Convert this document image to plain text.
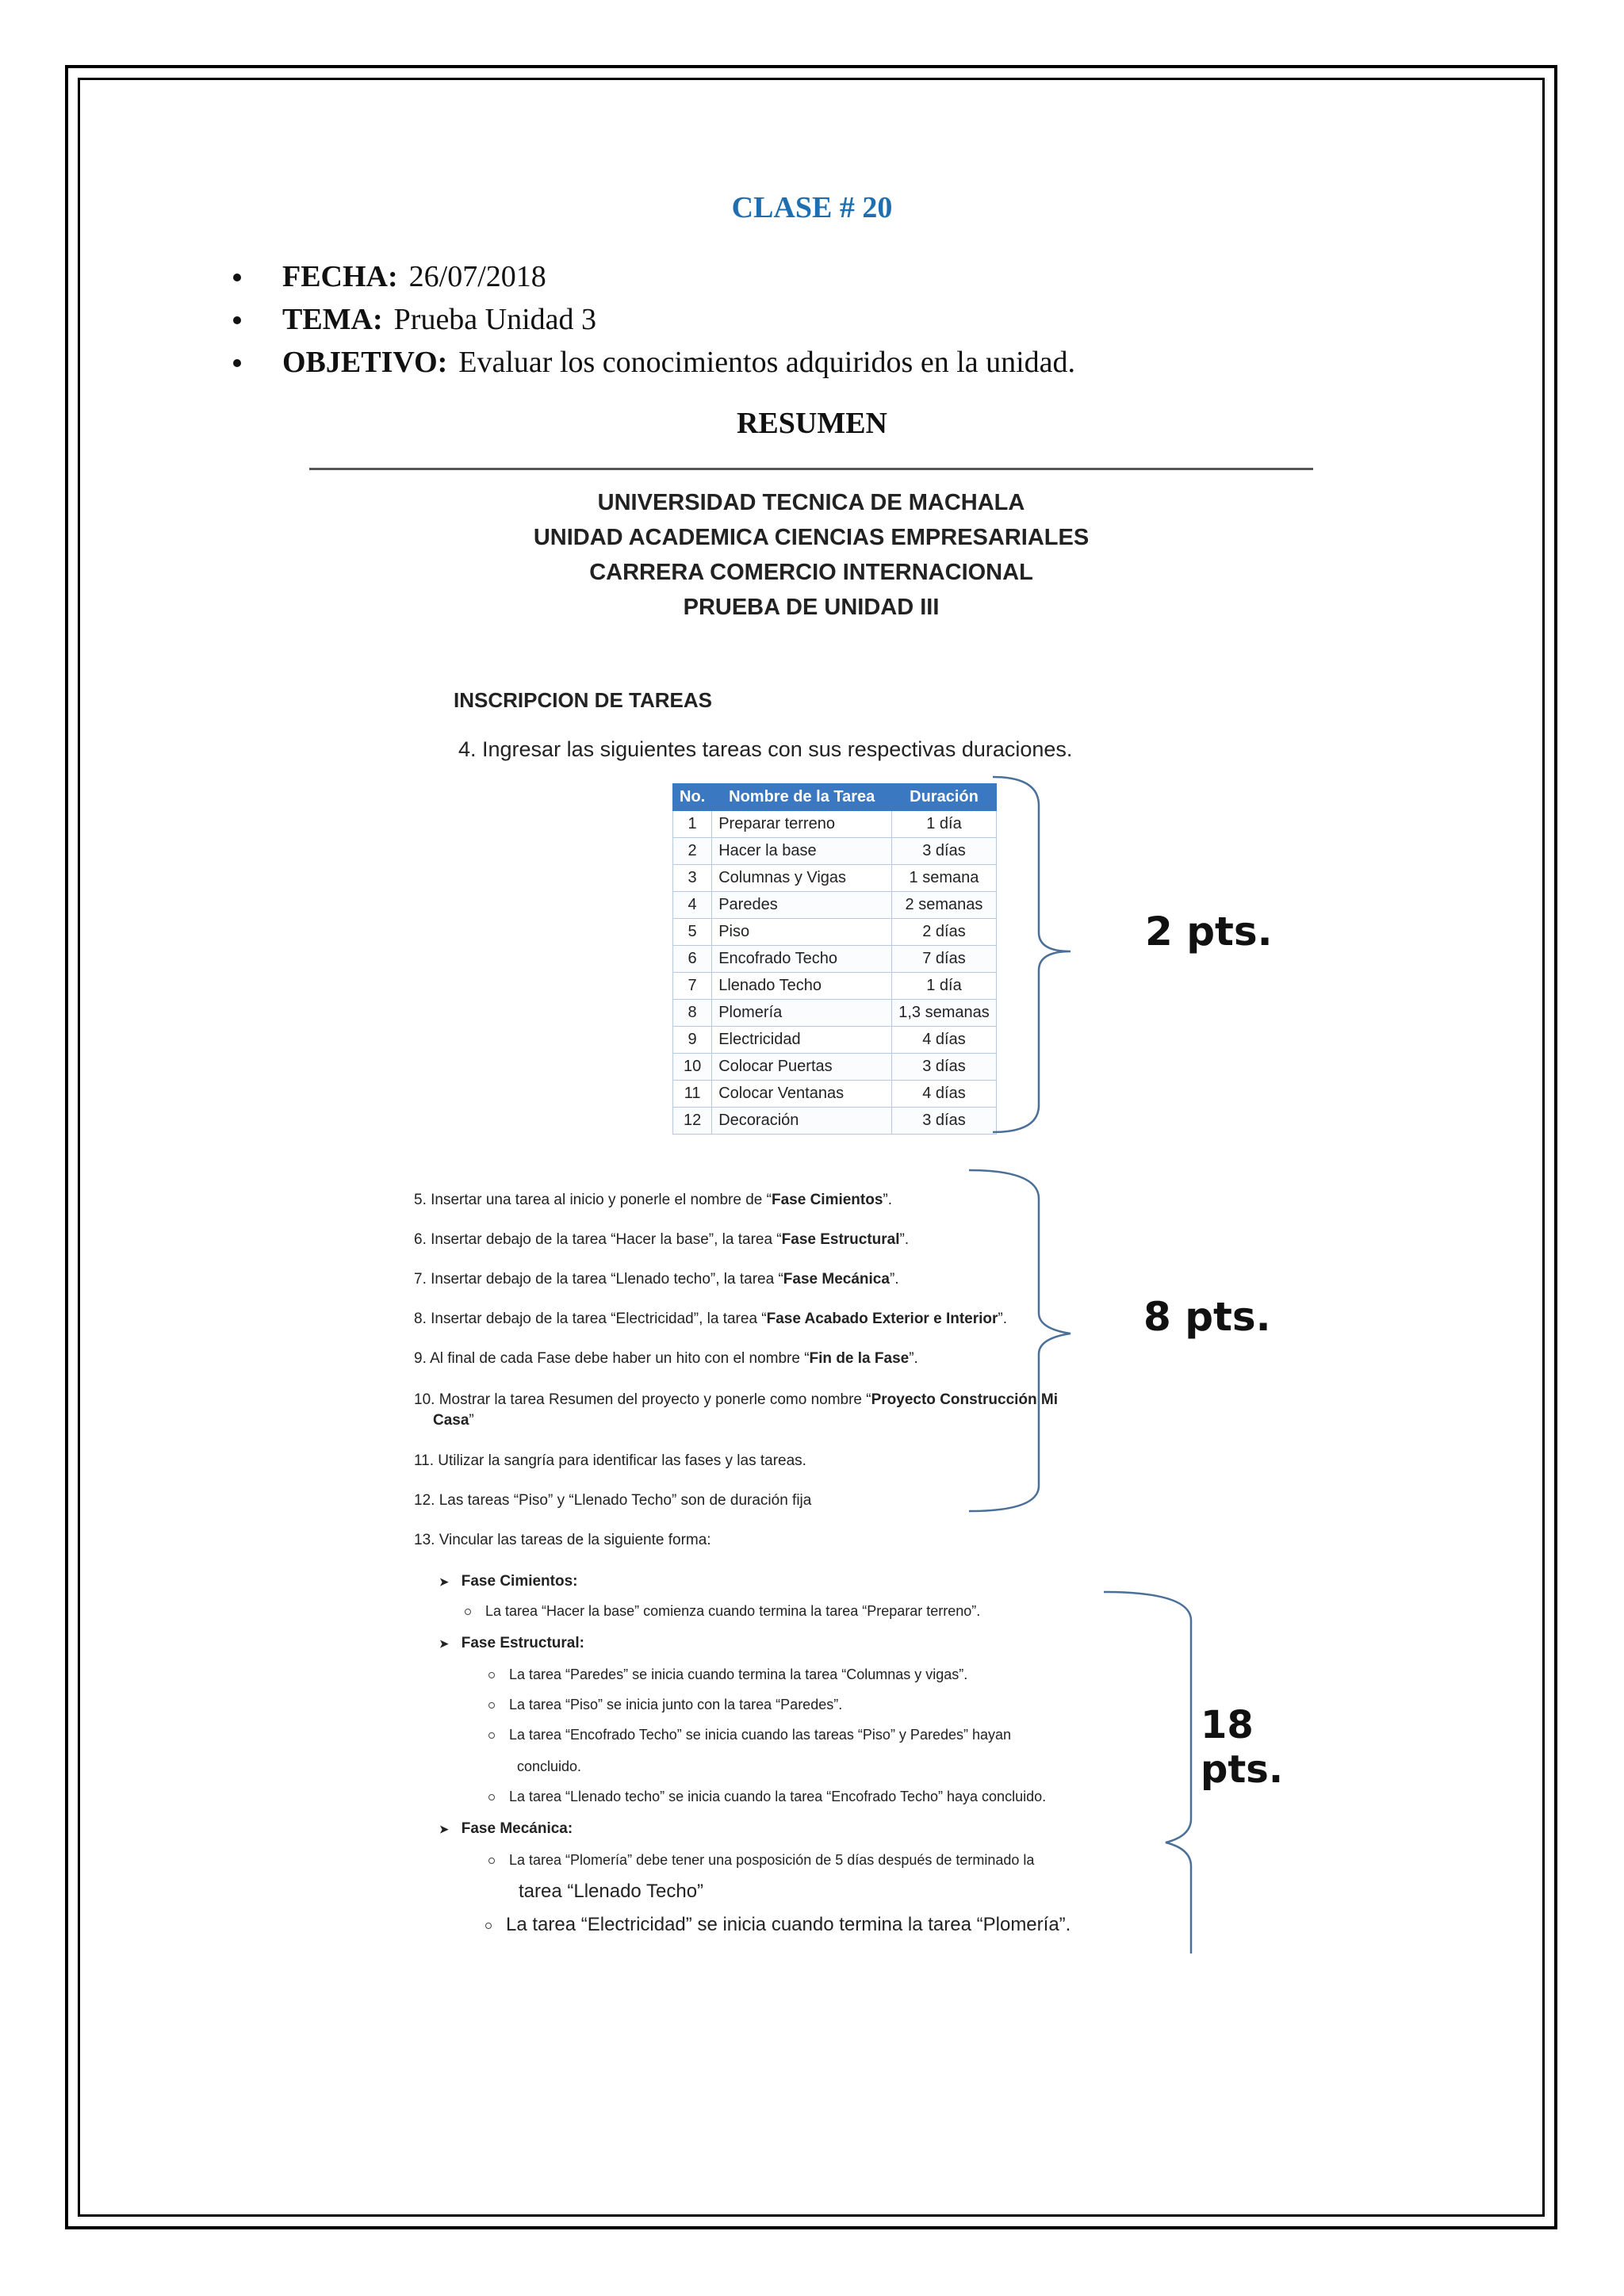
CLASE # 20
FECHA: 26/07/2018
TEMA: Prueba Unidad 3
OBJETIVO: Evaluar los conocimientos adquiridos en la unidad.
RESUMEN
UNIVERSIDAD TECNICA DE MACHALA
UNIDAD ACADEMICA CIENCIAS EMPRESARIALES
CARRERA COMERCIO INTERNACIONAL
PRUEBA DE UNIDAD III
INSCRIPCION DE TAREAS
4. Ingresar las siguientes tareas con sus respectivas duraciones.
No.	Nombre de la Tarea	Duración
1	Preparar terreno	1 día
2	Hacer la base	3 días
3	Columnas y Vigas	1 semana
4	Paredes	2 semanas
5	Piso	2 días
6	Encofrado Techo	7 días
7	Llenado Techo	1 día
8	Plomería	1,3 semanas
9	Electricidad	4 días
10	Colocar Puertas	3 días
11	Colocar Ventanas	4 días
12	Decoración	3 días
2 pts.
8 pts.
18 pts.
5. Insertar una tarea al inicio y ponerle el nombre de “Fase Cimientos”.
6. Insertar debajo de la tarea “Hacer la base”, la tarea “Fase Estructural”.
7. Insertar debajo de la tarea “Llenado techo”, la tarea “Fase Mecánica”.
8. Insertar debajo de la tarea “Electricidad”, la tarea “Fase Acabado Exterior e Interior”.
9. Al final de cada Fase debe haber un hito con el nombre “Fin de la Fase”.
10. Mostrar la tarea Resumen del proyecto y ponerle como nombre “Proyecto Construcción Mi
Casa”
11. Utilizar la sangría para identificar las fases y las tareas.
12. Las tareas “Piso” y “Llenado Techo” son de duración fija
13. Vincular las tareas de la siguiente forma:
➤ Fase Cimientos:
La tarea “Hacer la base” comienza cuando termina la tarea “Preparar terreno”.
➤ Fase Estructural:
La tarea “Paredes” se inicia cuando termina la tarea “Columnas y vigas”.
La tarea “Piso” se inicia junto con la tarea “Paredes”.
La tarea “Encofrado Techo” se inicia cuando las tareas “Piso” y Paredes” hayan
concluido.
La tarea “Llenado techo” se inicia cuando la tarea “Encofrado Techo” haya concluido.
➤ Fase Mecánica:
La tarea “Plomería” debe tener una posposición de 5 días después de terminado la
tarea “Llenado Techo”
La tarea “Electricidad” se inicia cuando termina la tarea “Plomería”.
